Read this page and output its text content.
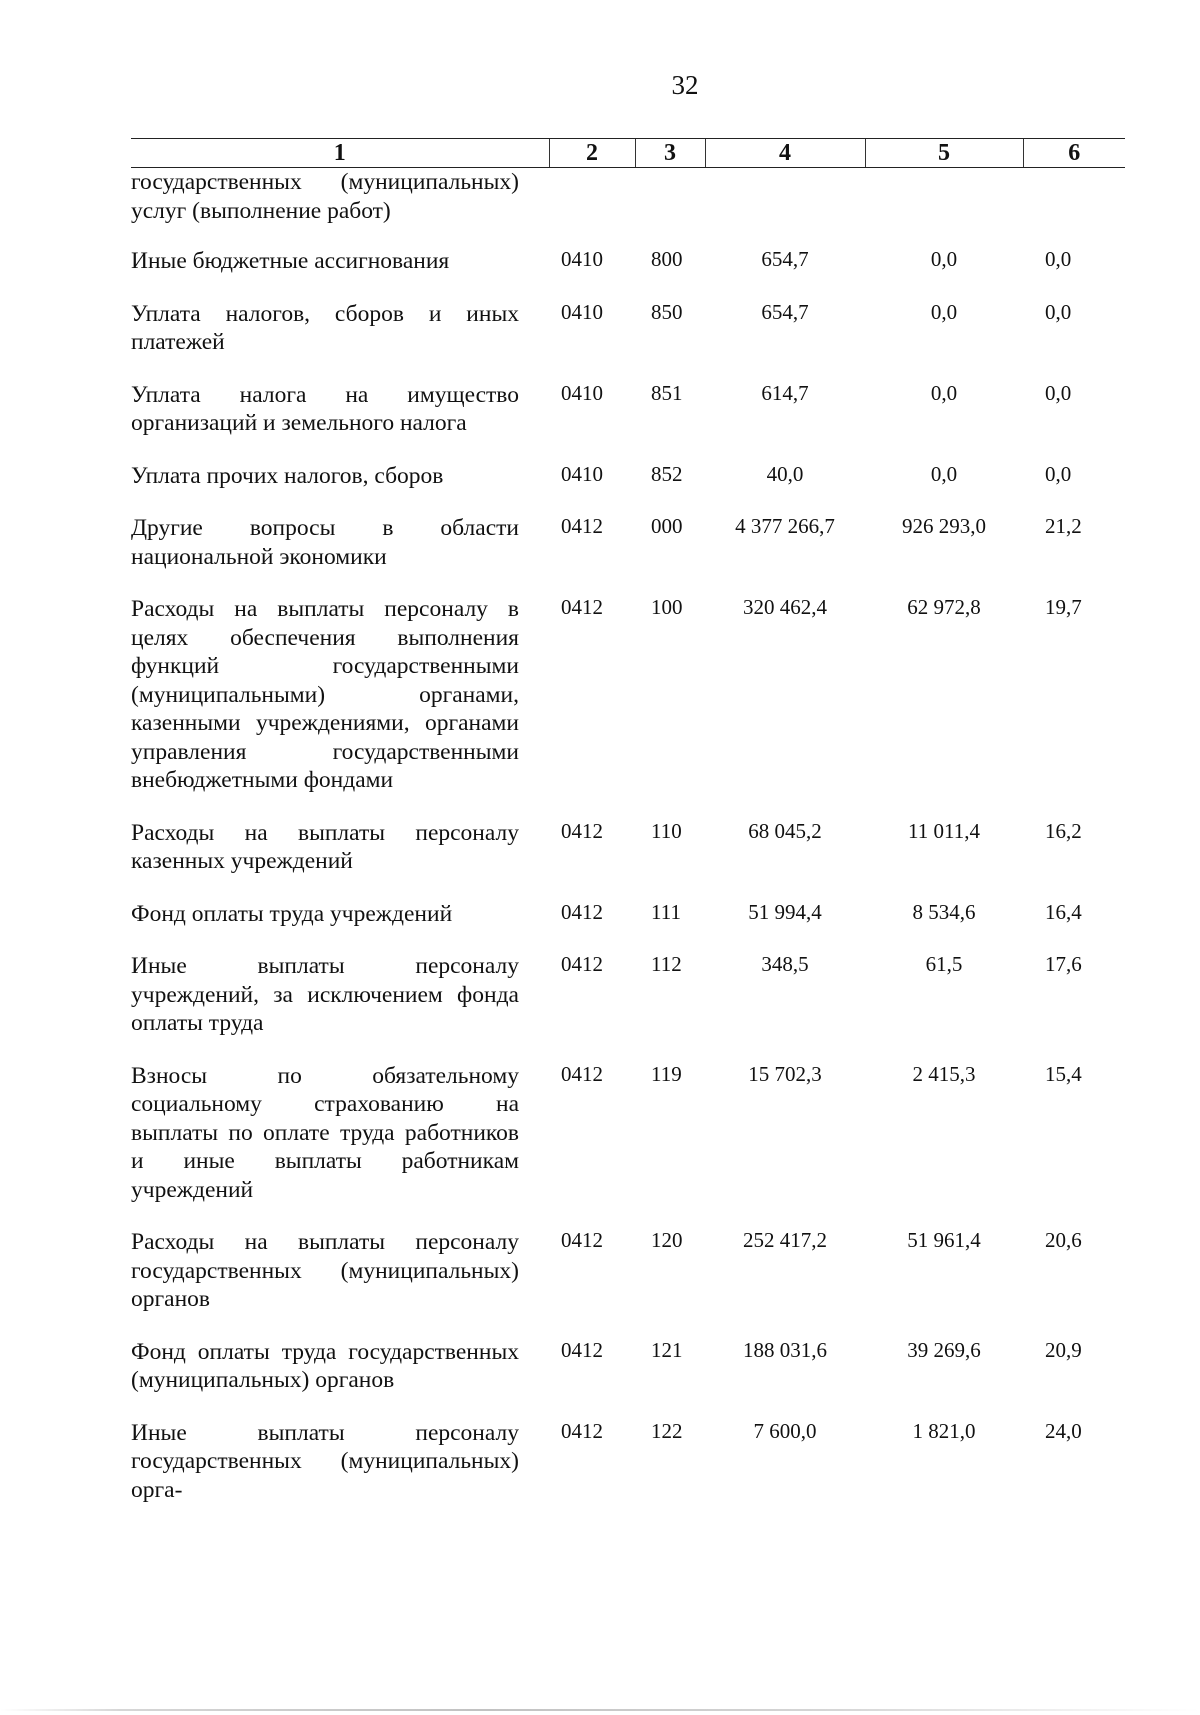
32
1	2	3	4	5	6
государственных (муниципальных) услуг (выполнение работ)					
Иные бюджетные ассигнования	0410	800	654,7	0,0	0,0
Уплата налогов, сборов и иных платежей	0410	850	654,7	0,0	0,0
Уплата налога на имущество организаций и земельного налога	0410	851	614,7	0,0	0,0
Уплата прочих налогов, сборов	0410	852	40,0	0,0	0,0
Другие вопросы в области национальной экономики	0412	000	4 377 266,7	926 293,0	21,2
Расходы на выплаты персоналу в целях обеспечения выполнения функций государственными (муниципальными) органами, казенными учреждениями, органами управления государственными внебюджетными фондами	0412	100	320 462,4	62 972,8	19,7
Расходы на выплаты персоналу казенных учреждений	0412	110	68 045,2	11 011,4	16,2
Фонд оплаты труда учреждений	0412	111	51 994,4	8 534,6	16,4
Иные выплаты персоналу учреждений, за исключением фонда оплаты труда	0412	112	348,5	61,5	17,6
Взносы по обязательному социальному страхованию на выплаты по оплате труда работников и иные выплаты работникам учреждений	0412	119	15 702,3	2 415,3	15,4
Расходы на выплаты персоналу государственных (муниципальных) органов	0412	120	252 417,2	51 961,4	20,6
Фонд оплаты труда государственных (муниципальных) органов	0412	121	188 031,6	39 269,6	20,9
Иные выплаты персоналу государственных (муниципальных) орга-	0412	122	7 600,0	1 821,0	24,0
